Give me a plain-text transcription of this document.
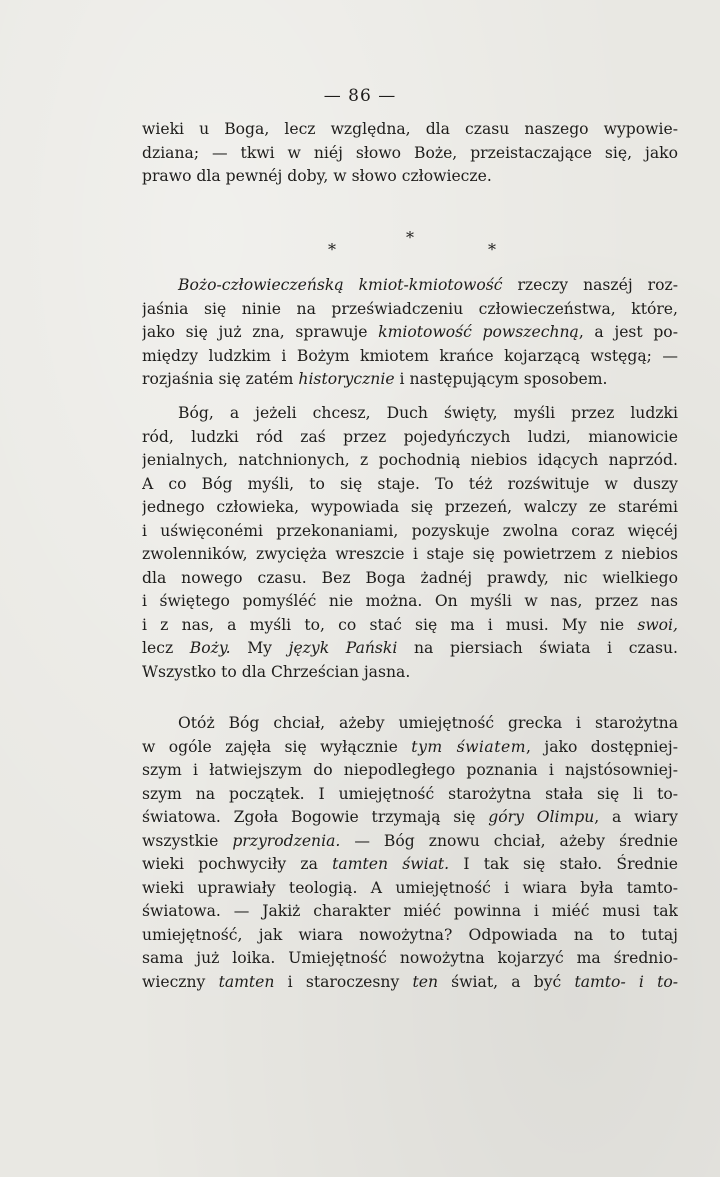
— 86 —
wieki u Boga, lecz względna, dla czasu naszego wypowie-
dziana; — tkwi w niéj słowo Boże, przeistaczające się, jako
prawo dla pewnéj doby, w słowo człowiecze.
*
*
*
Bożo-człowieczeńską kmiot-kmiotowość rzeczy naszéj roz-
jaśnia się ninie na przeświadczeniu człowieczeństwa, które,
jako się już zna, sprawuje kmiotowość powszechną, a jest po-
między ludzkim i Bożym kmiotem krańce kojarzącą wstęgą; —
rozjaśnia się zatém historycznie i następującym sposobem.
Bóg, a jeżeli chcesz, Duch święty, myśli przez ludzki
ród, ludzki ród zaś przez pojedyńczych ludzi, mianowicie
jenialnych, natchnionych, z pochodnią niebios idących naprzód.
A co Bóg myśli, to się staje. To téż rozśwituje w duszy
jednego człowieka, wypowiada się przezeń, walczy ze starémi
i uświęconémi przekonaniami, pozyskuje zwolna coraz więcéj
zwolenników, zwycięża wreszcie i staje się powietrzem z niebios
dla nowego czasu. Bez Boga żadnéj prawdy, nic wielkiego
i świętego pomyśléć nie można. On myśli w nas, przez nas
i z nas, a myśli to, co stać się ma i musi. My nie swoi,
lecz Boży. My język Pański na piersiach świata i czasu.
Wszystko to dla Chrześcian jasna.
Otóż Bóg chciał, ażeby umiejętność grecka i starożytna
w ogóle zajęła się wyłącznie tym światem, jako dostępniej-
szym i łatwiejszym do niepodległego poznania i najstósowniej-
szym na początek. I umiejętność starożytna stała się li to-
światowa. Zgoła Bogowie trzymają się góry Olimpu, a wiary
wszystkie przyrodzenia. — Bóg znowu chciał, ażeby średnie
wieki pochwyciły za tamten świat. I tak się stało. Średnie
wieki uprawiały teologią. A umiejętność i wiara była tamto-
światowa. — Jakiż charakter miéć powinna i miéć musi tak
umiejętność, jak wiara nowożytna? Odpowiada na to tutaj
sama już loika. Umiejętność nowożytna kojarzyć ma średnio-
wieczny tamten i staroczesny ten świat, a być tamto- i to-
